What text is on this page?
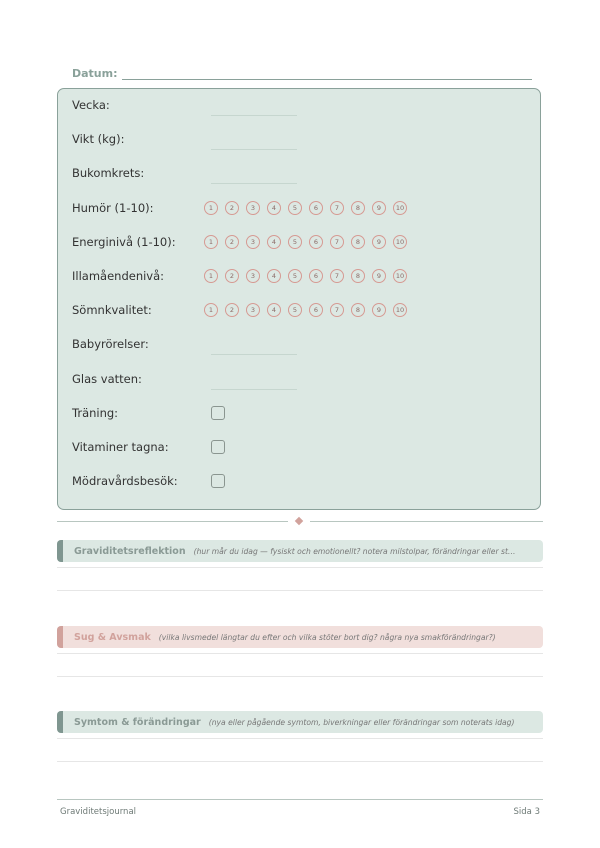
Datum:
Vecka:
Vikt (kg):
Bukomkrets:
Humör (1-10):	1	2	3	4	5	6	7	8	9	10
Energinivå (1-10):	1	2	3	4	5	6	7	8	9	10
Illamåendenivå:	1	2	3	4	5	6	7	8	9	10
Sömnkvalitet:	1	2	3	4	5	6	7	8	9	10
Babyrörelser:
Glas vatten:
Träning:
Vitaminer tagna:
Mödravårdsbesök:
Graviditetsreflektion (hur mår du idag — fysiskt och emotionellt? notera milstolpar, förändringar eller st…
Sug & Avsmak (vilka livsmedel längtar du efter och vilka stöter bort dig? några nya smakförändringar?)
Symtom & förändringar (nya eller pågående symtom, biverkningar eller förändringar som noterats idag)
Graviditetsjournal	Sida 3
